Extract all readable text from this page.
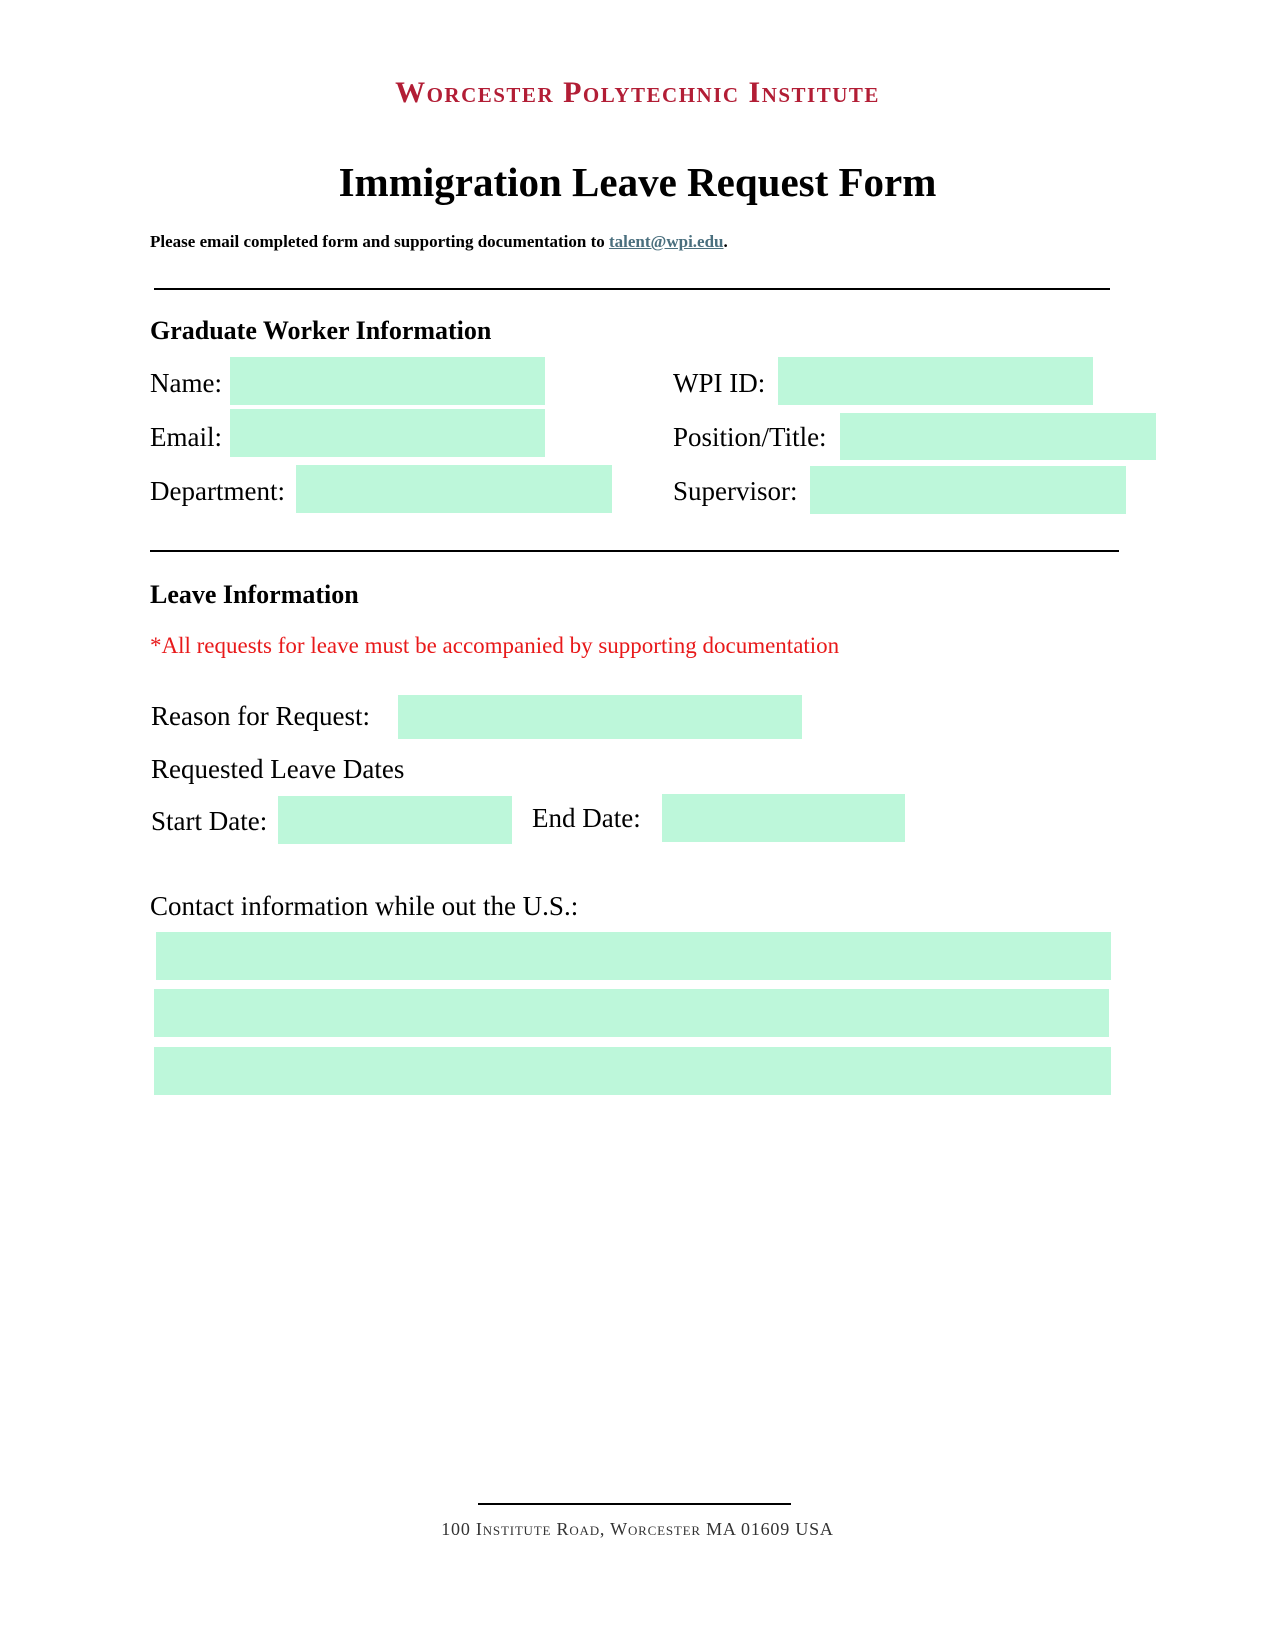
Worcester Polytechnic Institute
Immigration Leave Request Form
Please email completed form and supporting documentation to talent@wpi.edu.
Graduate Worker Information
Name:
Email:
Department:
WPI ID:
Position/Title:
Supervisor:
Leave Information
*All requests for leave must be accompanied by supporting documentation
Reason for Request:
Requested Leave Dates
Start Date:	End Date:
Contact information while out the U.S.:
100 Institute Road, Worcester MA 01609 USA
